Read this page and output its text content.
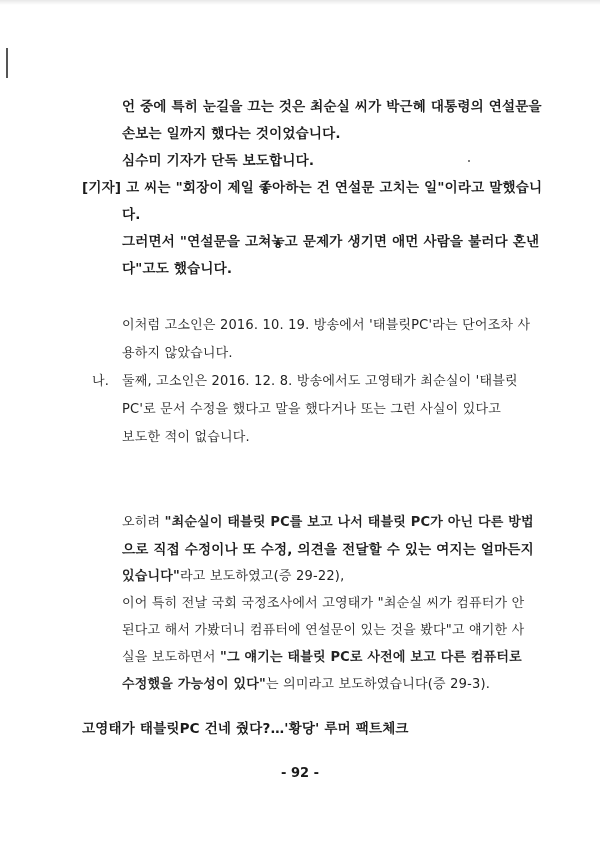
언 중에 특히 눈길을 끄는 것은 최순실 씨가 박근혜 대통령의 연설문을
손보는 일까지 했다는 것이었습니다.
심수미 기자가 단독 보도합니다.
[기자] 고 씨는 "회장이 제일 좋아하는 건 연설문 고치는 일"이라고 말했습니
다.
그러면서 "연설문을 고쳐놓고 문제가 생기면 애먼 사람을 불러다 혼낸
다"고도 했습니다.
이처럼 고소인은 2016. 10. 19. 방송에서 '태블릿PC'라는 단어조차 사
용하지 않았습니다.
나. 둘째, 고소인은 2016. 12. 8. 방송에서도 고영태가 최순실이 '태블릿
PC'로 문서 수정을 했다고 말을 했다거나 또는 그런 사실이 있다고
보도한 적이 없습니다.
오히려 "최순실이 태블릿 PC를 보고 나서 태블릿 PC가 아닌 다른 방법
으로 직접 수정이나 또 수정, 의견을 전달할 수 있는 여지는 얼마든지
있습니다"라고 보도하였고(증 29-22),
이어 특히 전날 국회 국정조사에서 고영태가 "최순실 씨가 컴퓨터가 안
된다고 해서 가봤더니 컴퓨터에 연설문이 있는 것을 봤다"고 얘기한 사
실을 보도하면서 "그 얘기는 태블릿 PC로 사전에 보고 다른 컴퓨터로
수정했을 가능성이 있다"는 의미라고 보도하였습니다(증 29-3).
고영태가 태블릿PC 건네 줬다?…'황당' 루머 팩트체크
- 92 -
